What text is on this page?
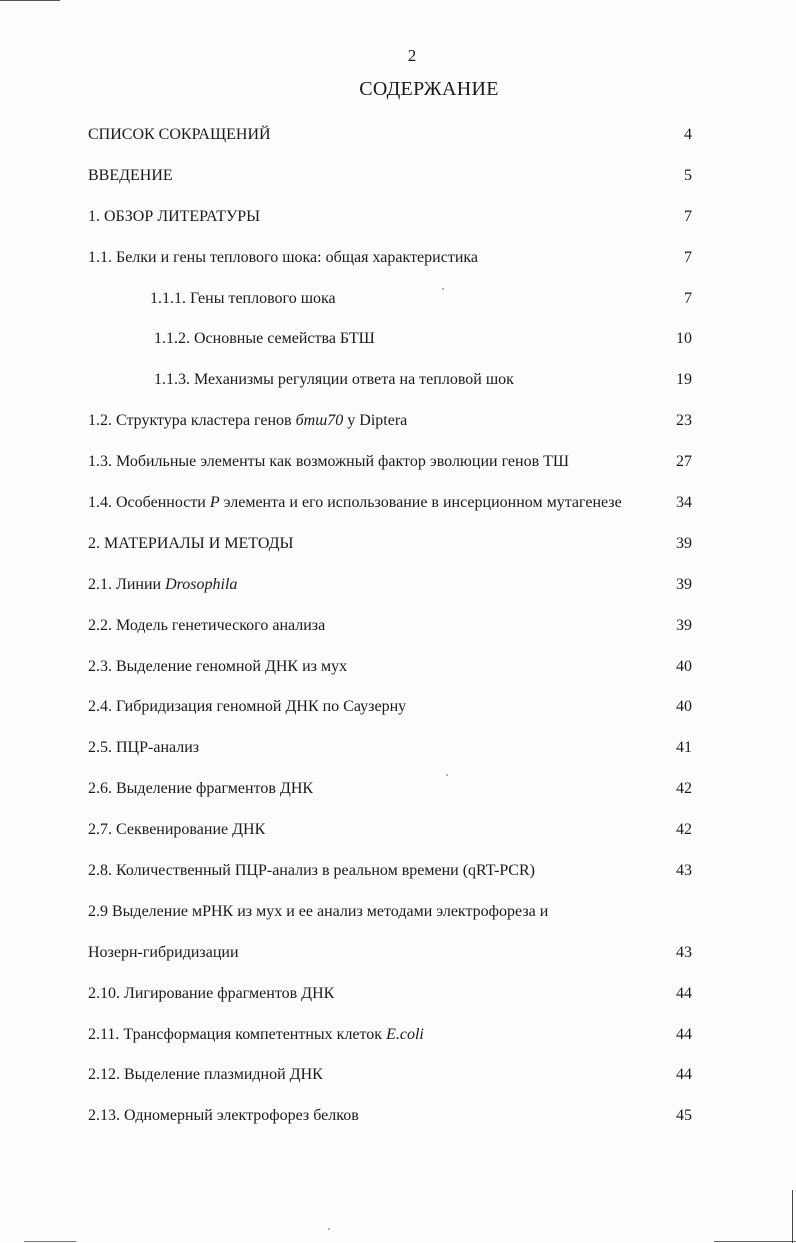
2
СОДЕРЖАНИЕ
СПИСОК СОКРАЩЕНИЙ	4
ВВЕДЕНИЕ	5
1. ОБЗОР ЛИТЕРАТУРЫ	7
1.1. Белки и гены теплового шока: общая характеристика	7
1.1.1. Гены теплового шока	7
1.1.2. Основные семейства БТШ	10
1.1.3. Механизмы регуляции ответа на тепловой шок	19
1.2. Структура кластера генов бтш70 у Diptera	23
1.3. Мобильные элементы как возможный фактор эволюции генов ТШ	27
1.4. Особенности P элемента и его использование в инсерционном мутагенезе	34
2. МАТЕРИАЛЫ И МЕТОДЫ	39
2.1. Линии Drosophila	39
2.2. Модель генетического анализа	39
2.3. Выделение геномной ДНК из мух	40
2.4. Гибридизация геномной ДНК по Саузерну	40
2.5. ПЦР-анализ	41
2.6. Выделение фрагментов ДНК	42
2.7. Секвенирование ДНК	42
2.8. Количественный ПЦР-анализ в реальном времени (qRT-PCR)	43
2.9 Выделение мРНК из мух и ее анализ методами электрофореза и
Нозерн-гибридизации	43
2.10. Лигирование фрагментов ДНК	44
2.11. Трансформация компетентных клеток E.coli	44
2.12. Выделение плазмидной ДНК	44
2.13. Одномерный электрофорез белков	45
